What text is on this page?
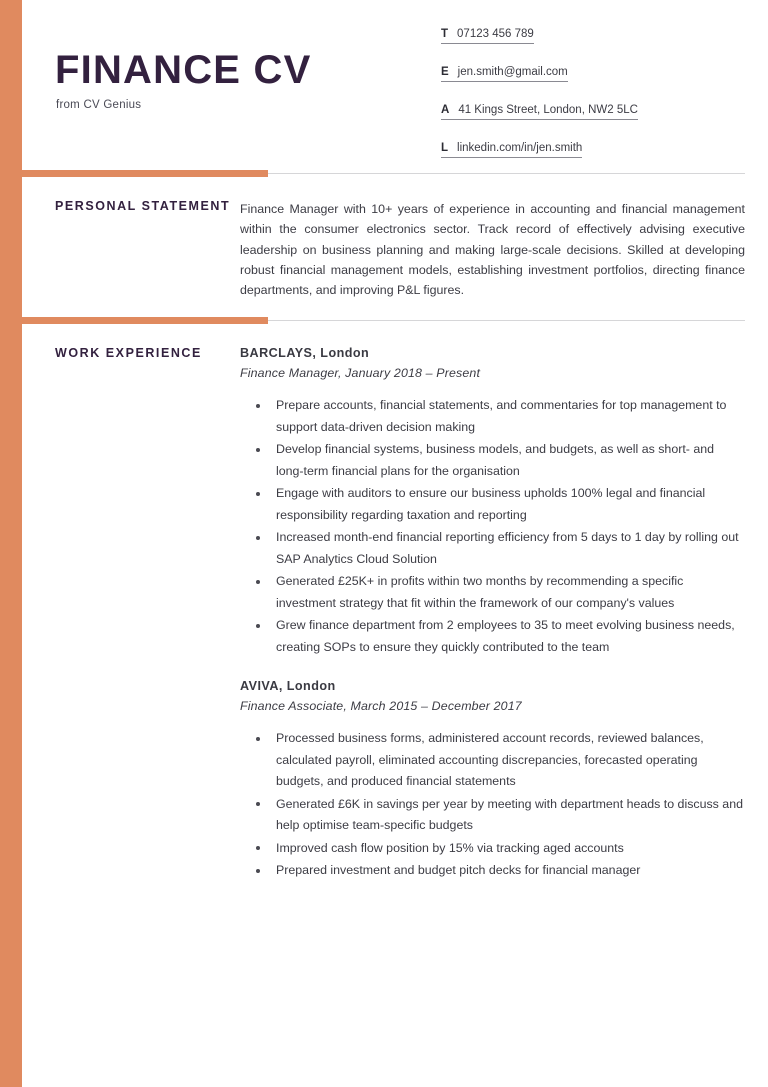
FINANCE CV
from CV Genius
T 07123 456 789
E jen.smith@gmail.com
A 41 Kings Street, London, NW2 5LC
L linkedin.com/in/jen.smith
PERSONAL STATEMENT Finance Manager with 10+ years of experience in accounting and financial management within the consumer electronics sector. Track record of effectively advising executive leadership on business planning and making large-scale decisions. Skilled at developing robust financial management models, establishing investment portfolios, directing finance departments, and improving P&L figures.

WORK EXPERIENCE	BARCLAYS, London
Finance Manager, January 2018 – Present
Prepare accounts, financial statements, and commentaries for top management to support data-driven decision making
Develop financial systems, business models, and budgets, as well as short- and long-term financial plans for the organisation
Engage with auditors to ensure our business upholds 100% legal and financial responsibility regarding taxation and reporting
Increased month-end financial reporting efficiency from 5 days to 1 day by rolling out SAP Analytics Cloud Solution
Generated £25K+ in profits within two months by recommending a specific investment strategy that fit within the framework of our company's values
Grew finance department from 2 employees to 35 to meet evolving business needs, creating SOPs to ensure they quickly contributed to the team
AVIVA, London
Finance Associate, March 2015 – December 2017
Processed business forms, administered account records, reviewed balances, calculated payroll, eliminated accounting discrepancies, forecasted operating budgets, and produced financial statements
Generated £6K in savings per year by meeting with department heads to discuss and help optimise team-specific budgets
Improved cash flow position by 15% via tracking aged accounts
Prepared investment and budget pitch decks for financial manager
